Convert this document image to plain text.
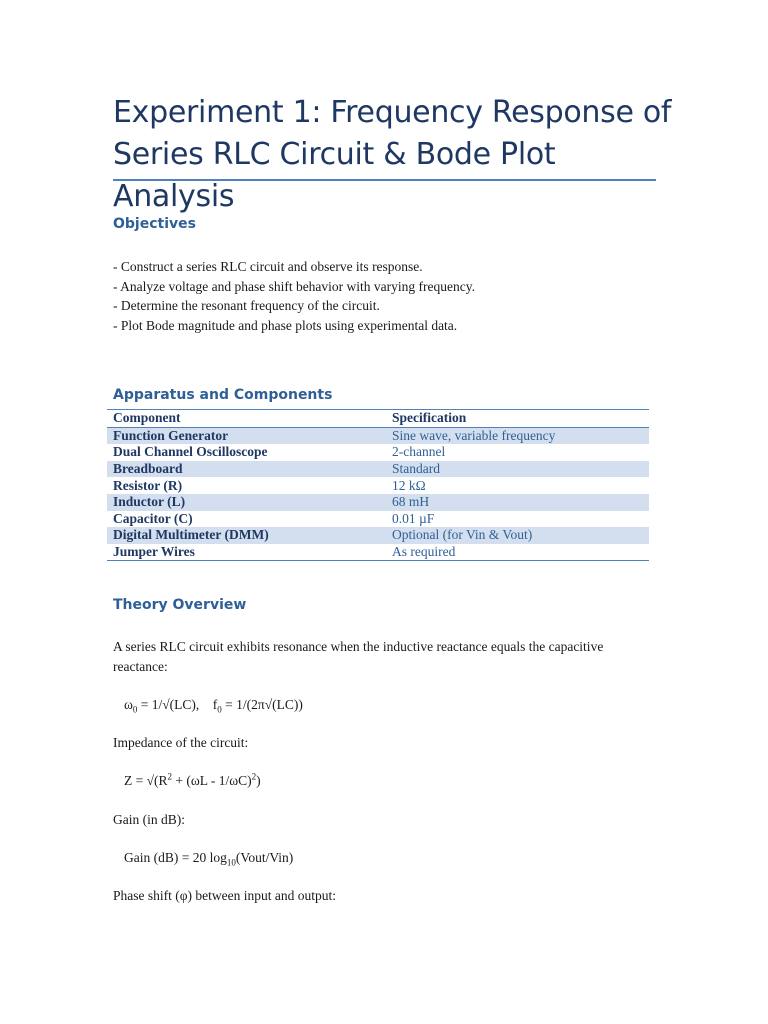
Experiment 1: Frequency Response of Series RLC Circuit & Bode Plot Analysis
Objectives
- Construct a series RLC circuit and observe its response.
- Analyze voltage and phase shift behavior with varying frequency.
- Determine the resonant frequency of the circuit.
- Plot Bode magnitude and phase plots using experimental data.
Apparatus and Components
Component	Specification
Function Generator	Sine wave, variable frequency
Dual Channel Oscilloscope	2-channel
Breadboard	Standard
Resistor (R)	12 kΩ
Inductor (L)	68 mH
Capacitor (C)	0.01 µF
Digital Multimeter (DMM)	Optional (for Vin & Vout)
Jumper Wires	As required
Theory Overview

A series RLC circuit exhibits resonance when the inductive reactance equals the capacitive reactance:

$\omega_0 = 1/√(LC)$,    $f_0 = 1/(2\pi√(LC))$

Impedance of the circuit:

$Z = √(R^2 + (\omega L - 1/\omega C)^2)$

Gain (in dB):

Gain (dB) = 20 $\log_{10}(Vout/Vin)$

Phase shift (φ) between input and output:
